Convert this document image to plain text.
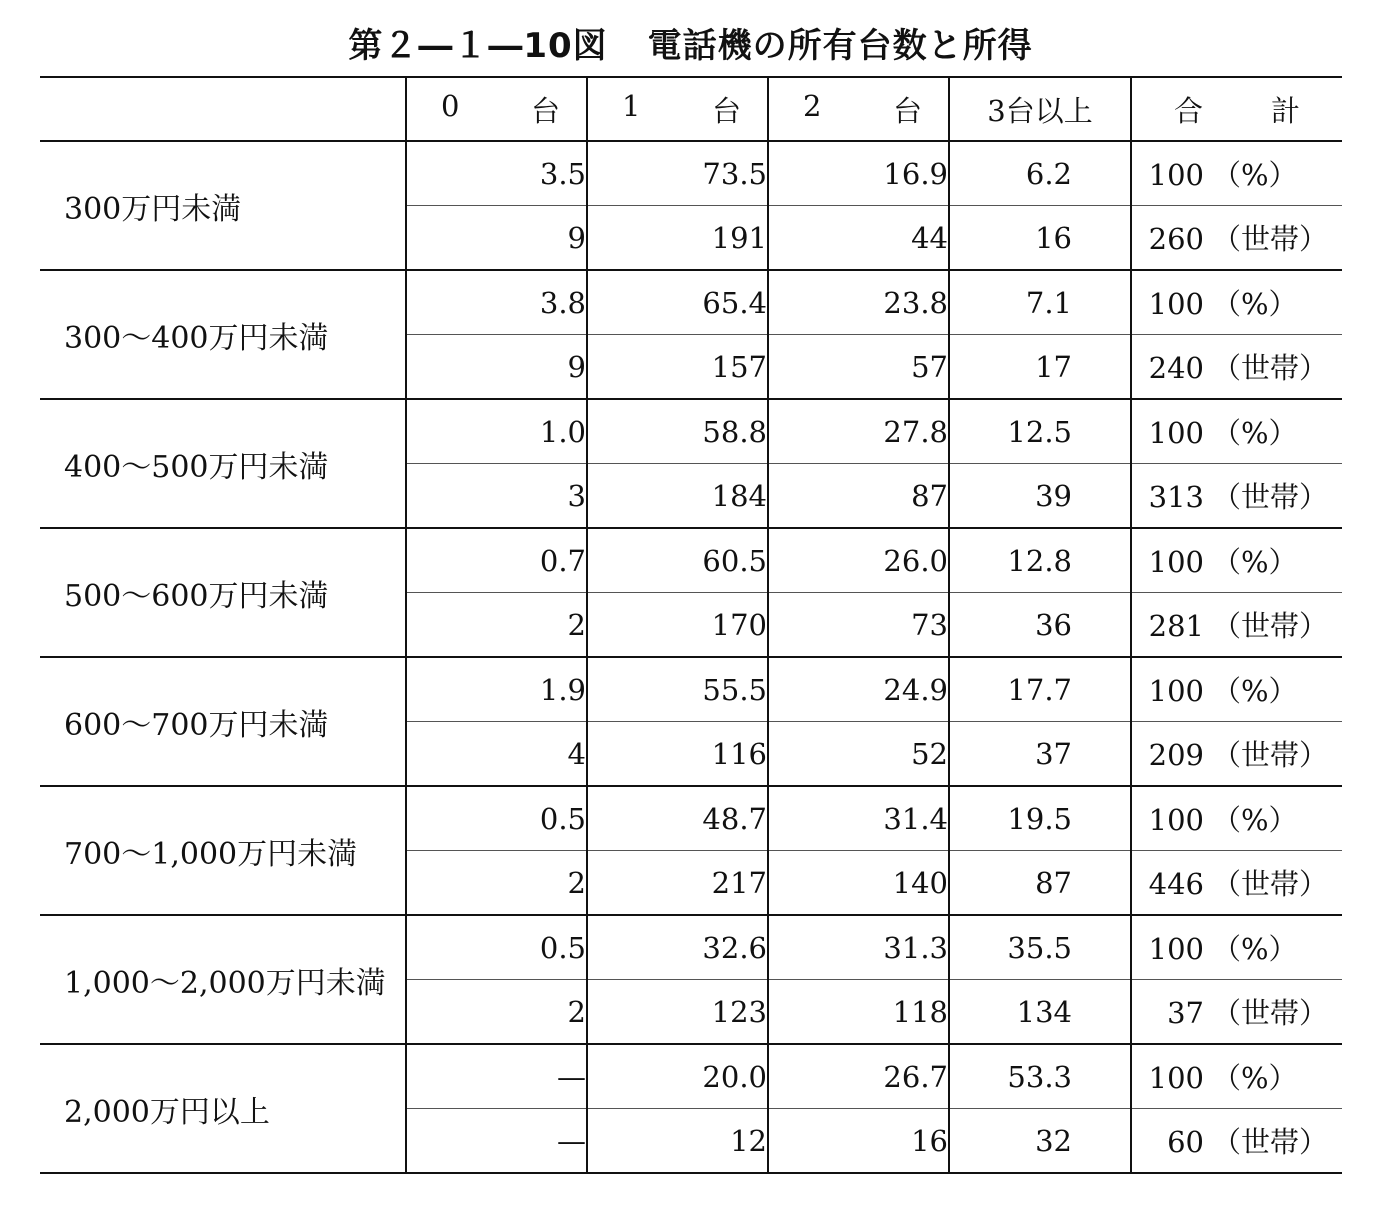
第２―１―10図 電話機の所有台数と所得

	0 台	1 台	2 台	3台以上	合 計

300万円未満	3.5	73.5	16.9	6.2	100 （%）
	9	191	44	16	260 （世帯）
300～400万円未満	3.8	65.4	23.8	7.1	100 （%）
	9	157	57	17	240 （世帯）
400～500万円未満	1.0	58.8	27.8	12.5	100 （%）
	3	184	87	39	313 （世帯）
500～600万円未満	0.7	60.5	26.0	12.8	100 （%）
	2	170	73	36	281 （世帯）
600～700万円未満	1.9	55.5	24.9	17.7	100 （%）
	4	116	52	37	209 （世帯）
700～1,000万円未満	0.5	48.7	31.4	19.5	100 （%）
	2	217	140	87	446 （世帯）
1,000～2,000万円未満	0.5	32.6	31.3	35.5	100 （%）
	2	123	118	134	37 （世帯）
2,000万円以上	—	20.0	26.7	53.3	100 （%）
	—	12	16	32	60 （世帯）
